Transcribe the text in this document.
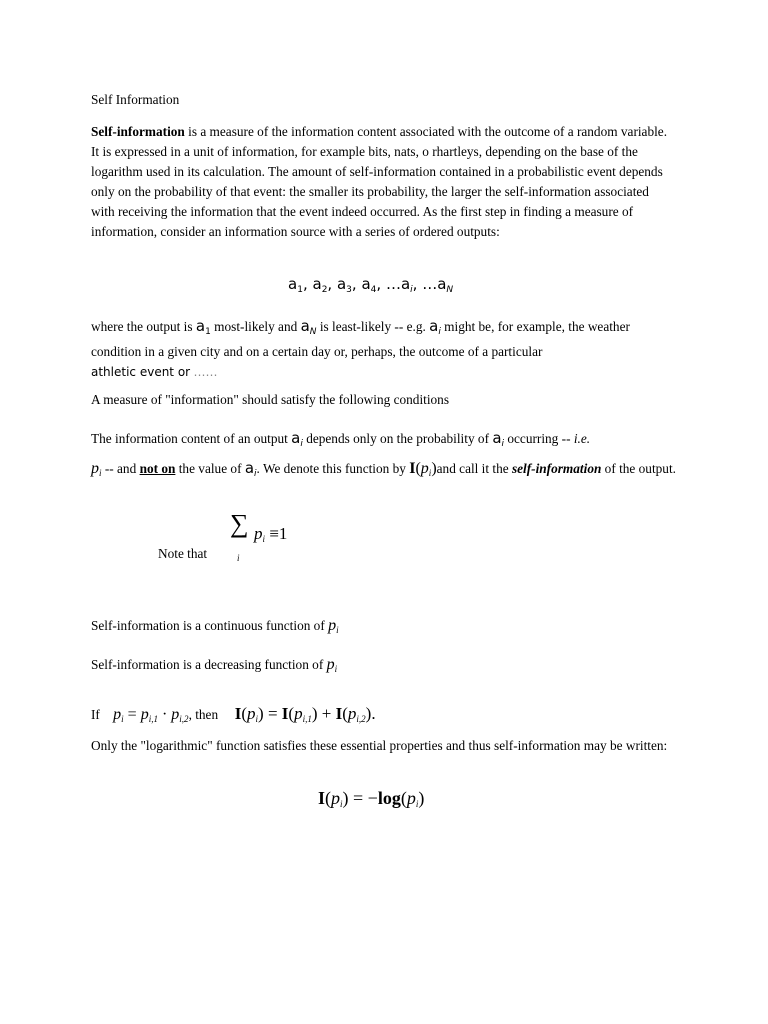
Self Information
Self-information is a measure of the information content associated with the outcome of a random variable. It is expressed in a unit of information, for example bits, nats, o rhartleys, depending on the base of the logarithm used in its calculation. The amount of self-information contained in a probabilistic event depends only on the probability of that event: the smaller its probability, the larger the self-information associated with receiving the information that the event indeed occurred. As the first step in finding a measure of information, consider an information source with a series of ordered outputs:
$a_1$, $a_2$, $a_3$, $a_4$, $\dots a_i$, $\dots a_N$
where the output is $a_1$ most-likely and $a_N$ is least-likely -- e.g. $a_i$ might be, for example, the weather condition in a given city and on a certain day or, perhaps, the outcome of a particular
athletic event or ……
A measure of "information" should satisfy the following conditions
The information content of an output $a_i$ depends only on the probability of $a_i$ occurring -- i.e.
$p_i$ -- and not on the value of $a_i$. We denote this function by $I(p_i)and$ call it the self-information of the output.
∑
i
$p_i \equiv 1$
Note that
Self-information is a continuous function of $p_i$
Self-information is a decreasing function of $p_i$
If $p_i = p_{i,1} \cdot p_{i,2}$, then $I(p_i) = I(p_{i,1}) + I(p_{i,2})$.
Only the "logarithmic" function satisfies these essential properties and thus self-information may be written:
$I(p_i) = -\log(p_i)$
